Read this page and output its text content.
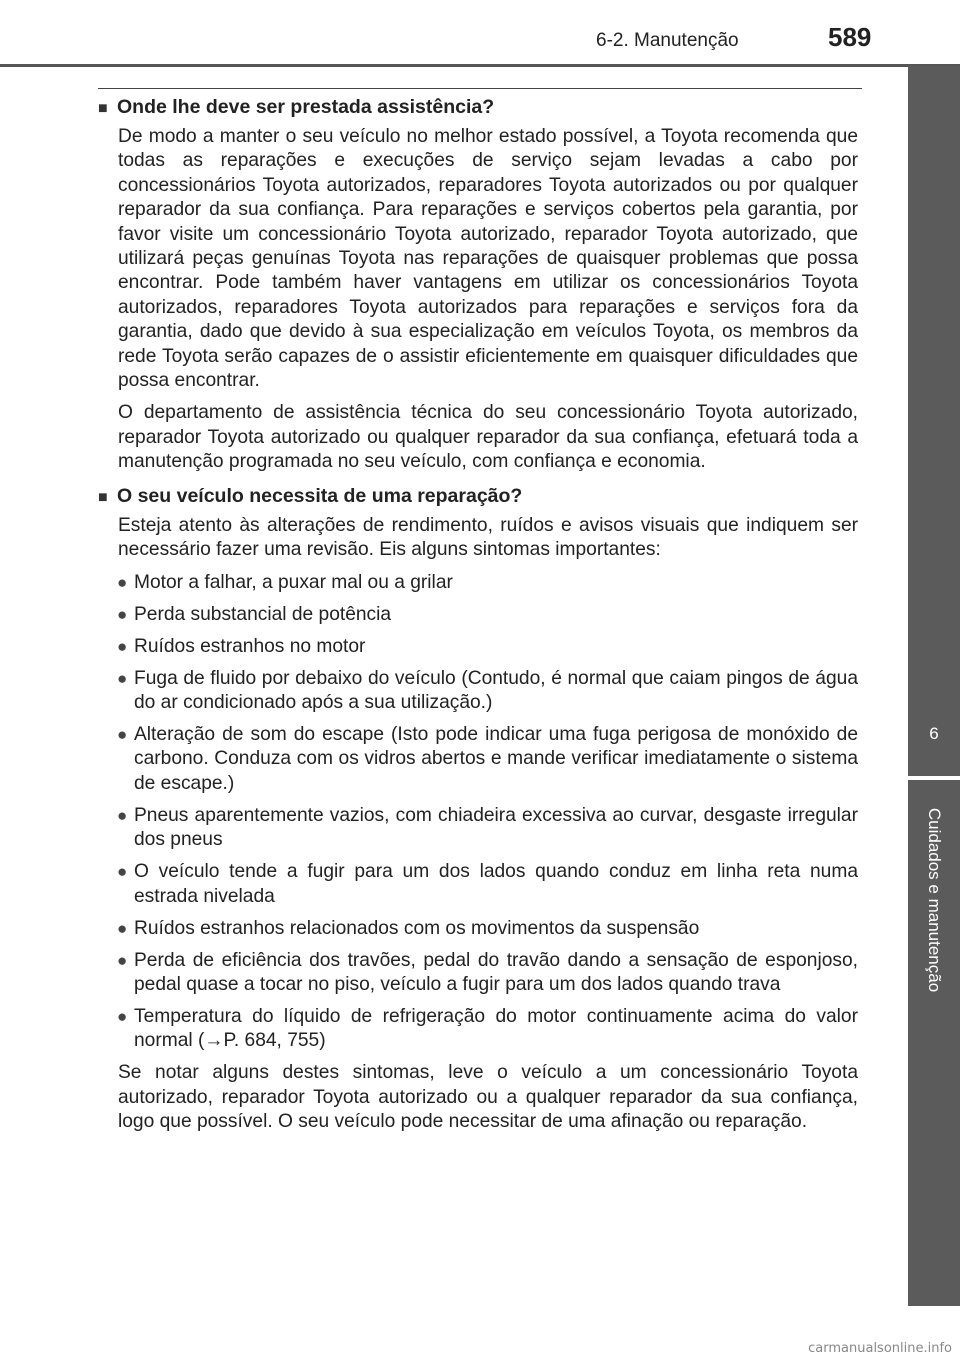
6-2. Manutenção	589
6
Cuidados e manutenção
■ Onde lhe deve ser prestada assistência?

De modo a manter o seu veículo no melhor estado possível, a Toyota recomenda que todas as reparações e execuções de serviço sejam levadas a cabo por concessionários Toyota autorizados, reparadores Toyota autorizados ou por qualquer reparador da sua confiança. Para reparações e serviços cobertos pela garantia, por favor visite um concessionário Toyota autorizado, reparador Toyota autorizado, que utilizará peças genuínas Toyota nas reparações de quaisquer problemas que possa encontrar. Pode também haver vantagens em utilizar os concessionários Toyota autorizados, reparadores Toyota autorizados para reparações e serviços fora da garantia, dado que devido à sua especialização em veículos Toyota, os membros da rede Toyota serão capazes de o assistir eficientemente em quaisquer dificuldades que possa encontrar.

O departamento de assistência técnica do seu concessionário Toyota autorizado, reparador Toyota autorizado ou qualquer reparador da sua confiança, efetuará toda a manutenção programada no seu veículo, com confiança e economia.

■ O seu veículo necessita de uma reparação?

Esteja atento às alterações de rendimento, ruídos e avisos visuais que indiquem ser necessário fazer uma revisão. Eis alguns sintomas importantes:

● Motor a falhar, a puxar mal ou a grilar
● Perda substancial de potência
● Ruídos estranhos no motor
● Fuga de fluido por debaixo do veículo (Contudo, é normal que caiam pingos de água do ar condicionado após a sua utilização.)
● Alteração de som do escape (Isto pode indicar uma fuga perigosa de monóxido de carbono. Conduza com os vidros abertos e mande verificar imediatamente o sistema de escape.)
● Pneus aparentemente vazios, com chiadeira excessiva ao curvar, desgaste irregular dos pneus
● O veículo tende a fugir para um dos lados quando conduz em linha reta numa estrada nivelada
● Ruídos estranhos relacionados com os movimentos da suspensão
● Perda de eficiência dos travões, pedal do travão dando a sensação de esponjoso, pedal quase a tocar no piso, veículo a fugir para um dos lados quando trava
● Temperatura do líquido de refrigeração do motor continuamente acima do valor normal (→P. 684, 755)

Se notar alguns destes sintomas, leve o veículo a um concessionário Toyota autorizado, reparador Toyota autorizado ou a qualquer reparador da sua confiança, logo que possível. O seu veículo pode necessitar de uma afinação ou reparação.

carmanualsonline.info
